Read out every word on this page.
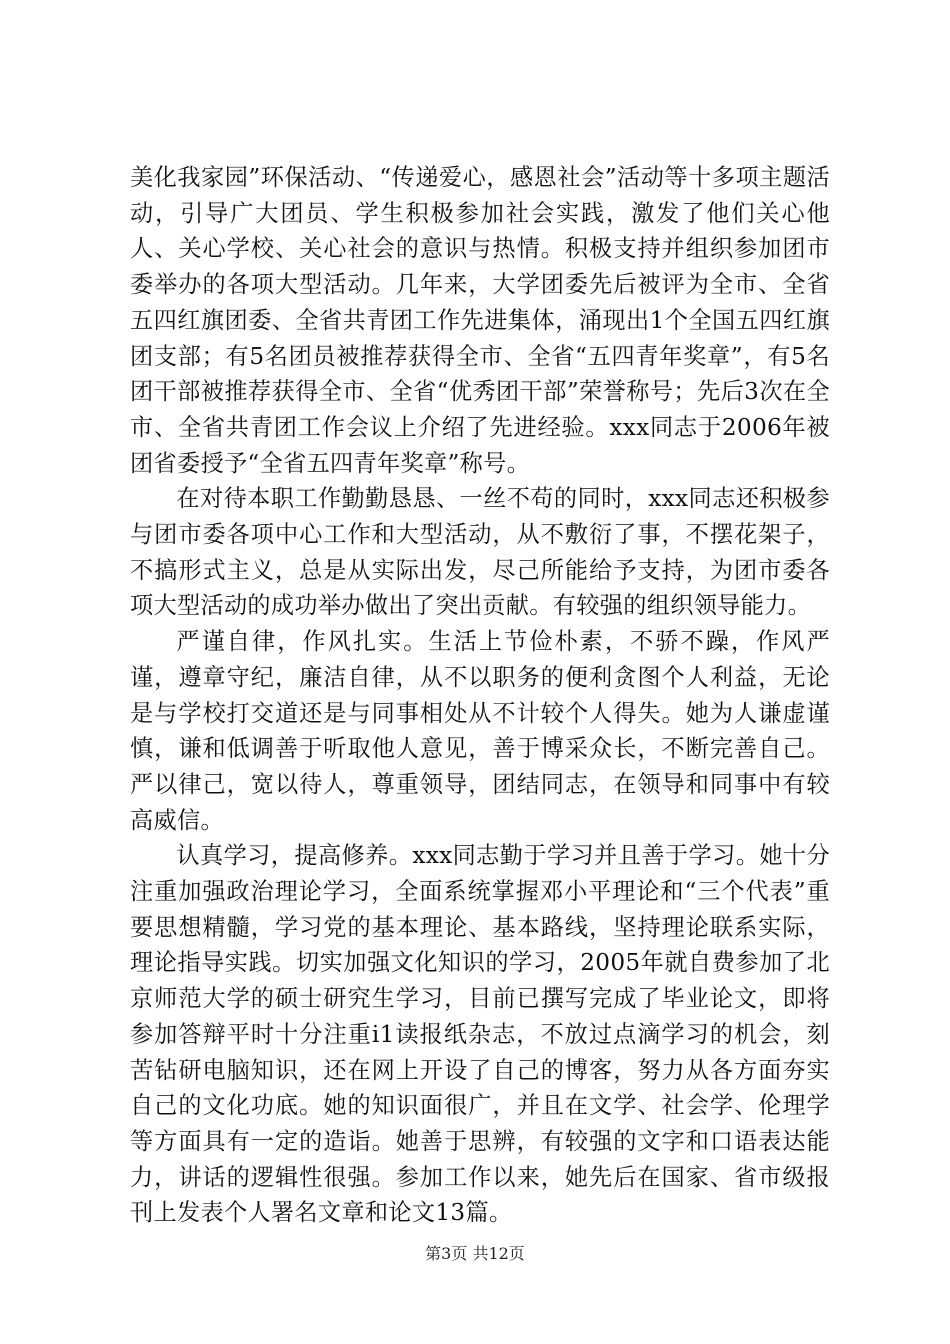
美化我家园”环保活动、“传递爱心，感恩社会”活动等十多项主题活动，引导广大团员、学生积极参加社会实践，激发了他们关心他人、关心学校、关心社会的意识与热情。积极支持并组织参加团市委举办的各项大型活动。几年来，大学团委先后被评为全市、全省五四红旗团委、全省共青团工作先进集体，涌现出1个全国五四红旗团支部；有5名团员被推荐获得全市、全省“五四青年奖章”，有5名团干部被推荐获得全市、全省“优秀团干部”荣誉称号；先后3次在全市、全省共青团工作会议上介绍了先进经验。xxx同志于2006年被团省委授予“全省五四青年奖章”称号。

在对待本职工作勤勤恳恳、一丝不苟的同时，xxx同志还积极参与团市委各项中心工作和大型活动，从不敷衍了事，不摆花架子，不搞形式主义，总是从实际出发，尽己所能给予支持，为团市委各项大型活动的成功举办做出了突出贡献。有较强的组织领导能力。

严谨自律，作风扎实。生活上节俭朴素，不骄不躁，作风严谨，遵章守纪，廉洁自律，从不以职务的便利贪图个人利益，无论是与学校打交道还是与同事相处从不计较个人得失。她为人谦虚谨慎，谦和低调善于听取他人意见，善于博采众长，不断完善自己。严以律己，宽以待人，尊重领导，团结同志，在领导和同事中有较高威信。

认真学习，提高修养。xxx同志勤于学习并且善于学习。她十分注重加强政治理论学习，全面系统掌握邓小平理论和“三个代表”重要思想精髓，学习党的基本理论、基本路线，坚持理论联系实际，理论指导实践。切实加强文化知识的学习，2005年就自费参加了北京师范大学的硕士研究生学习，目前已撰写完成了毕业论文，即将参加答辩平时十分注重i1读报纸杂志，不放过点滴学习的机会，刻苦钻研电脑知识，还在网上开设了自己的博客，努力从各方面夯实自己的文化功底。她的知识面很广，并且在文学、社会学、伦理学等方面具有一定的造诣。她善于思辨，有较强的文字和口语表达能力，讲话的逻辑性很强。参加工作以来，她先后在国家、省市级报刊上发表个人署名文章和论文13篇。

第3页 共12页
